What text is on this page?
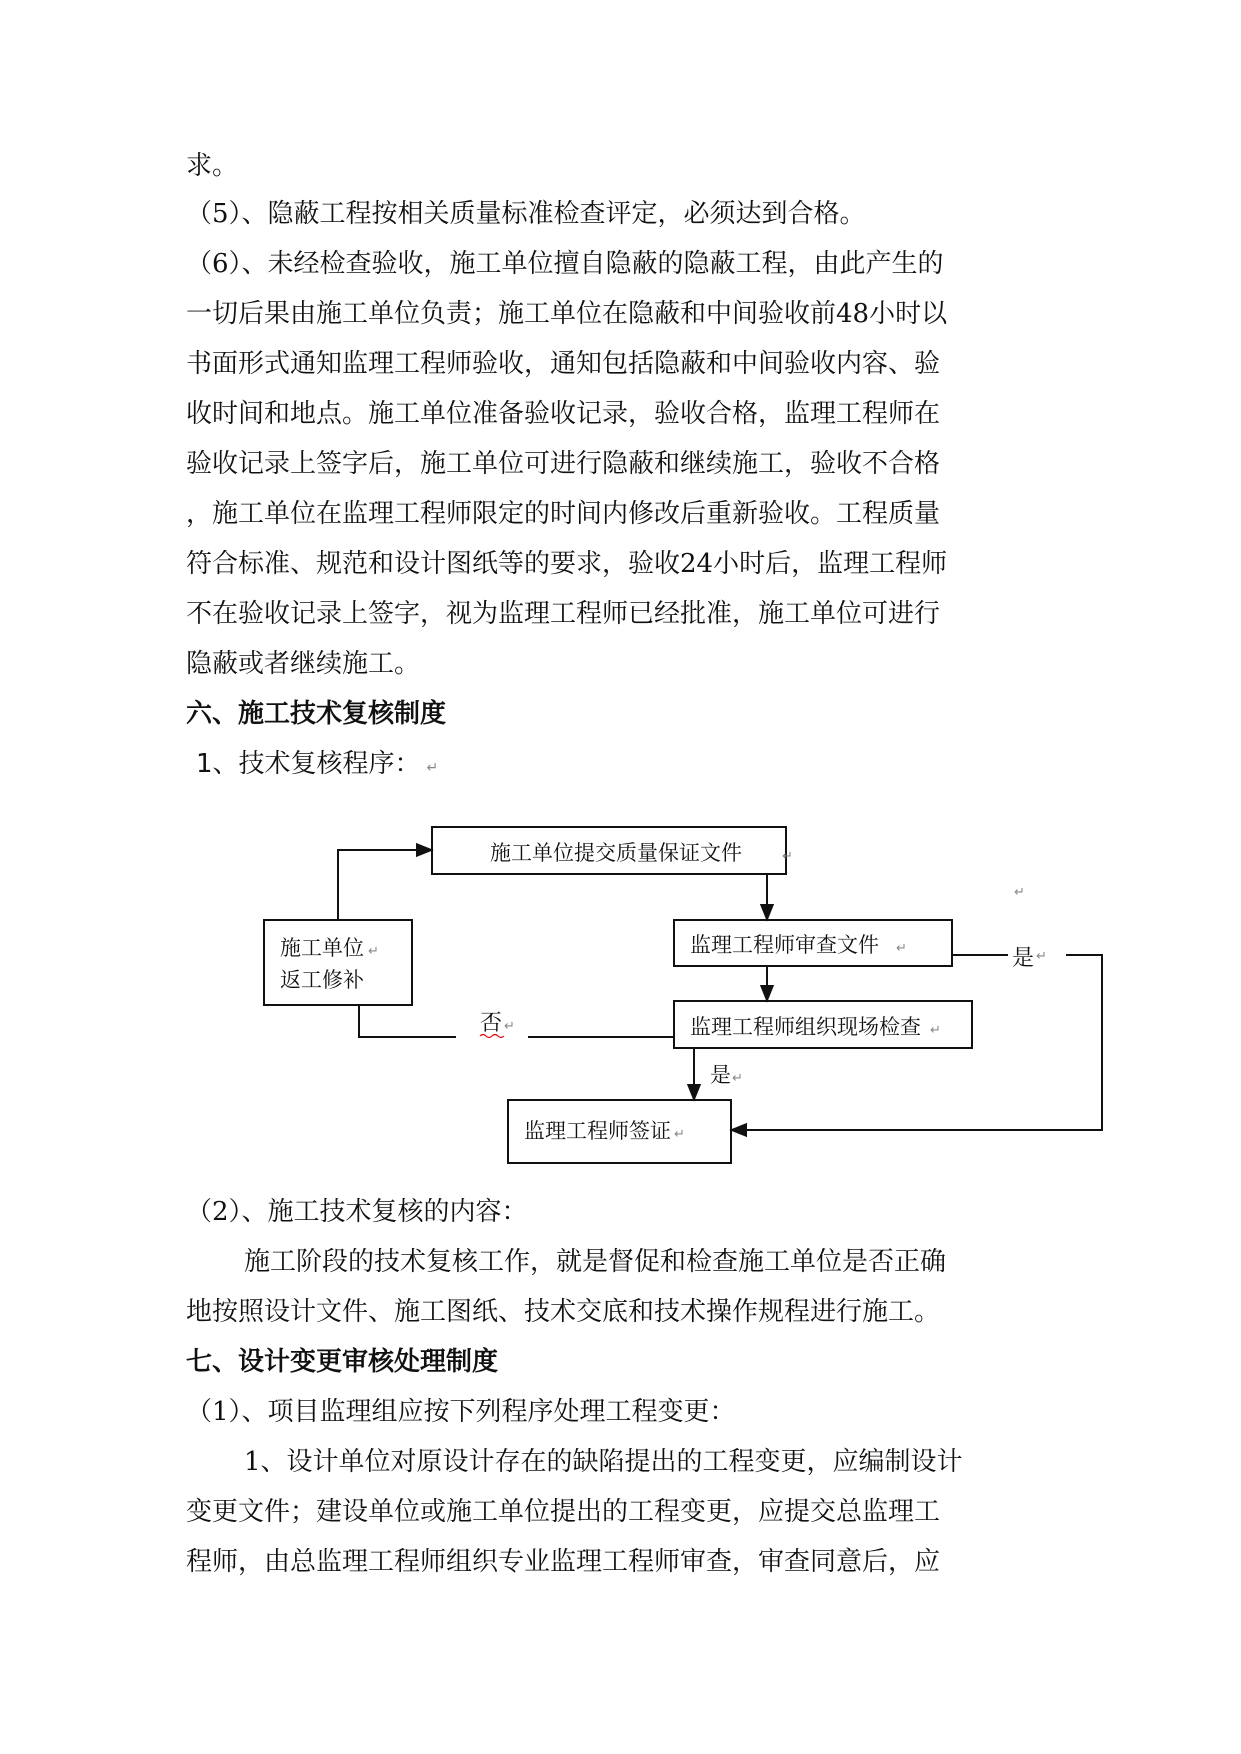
求。
（5）、隐蔽工程按相关质量标准检查评定，必须达到合格。
（6）、未经检查验收，施工单位擅自隐蔽的隐蔽工程，由此产生的
一切后果由施工单位负责；施工单位在隐蔽和中间验收前48小时以
书面形式通知监理工程师验收，通知包括隐蔽和中间验收内容、验
收时间和地点。施工单位准备验收记录，验收合格，监理工程师在
验收记录上签字后，施工单位可进行隐蔽和继续施工，验收不合格
，施工单位在监理工程师限定的时间内修改后重新验收。工程质量
符合标准、规范和设计图纸等的要求，验收24小时后，监理工程师
不在验收记录上签字，视为监理工程师已经批准，施工单位可进行
隐蔽或者继续施工。
六、施工技术复核制度
1、技术复核程序： ↵
施工单位提交质量保证文件
施工单位
返工修补
监理工程师审查文件
监理工程师组织现场检查
监理工程师签证
否
是
是
↵
↵	↵
↵
↵
↵
↵
↵
↵
（2）、施工技术复核的内容：
施工阶段的技术复核工作，就是督促和检查施工单位是否正确
地按照设计文件、施工图纸、技术交底和技术操作规程进行施工。
七、设计变更审核处理制度
（1）、项目监理组应按下列程序处理工程变更：
1、设计单位对原设计存在的缺陷提出的工程变更，应编制设计
变更文件；建设单位或施工单位提出的工程变更，应提交总监理工
程师，由总监理工程师组织专业监理工程师审查，审查同意后，应
